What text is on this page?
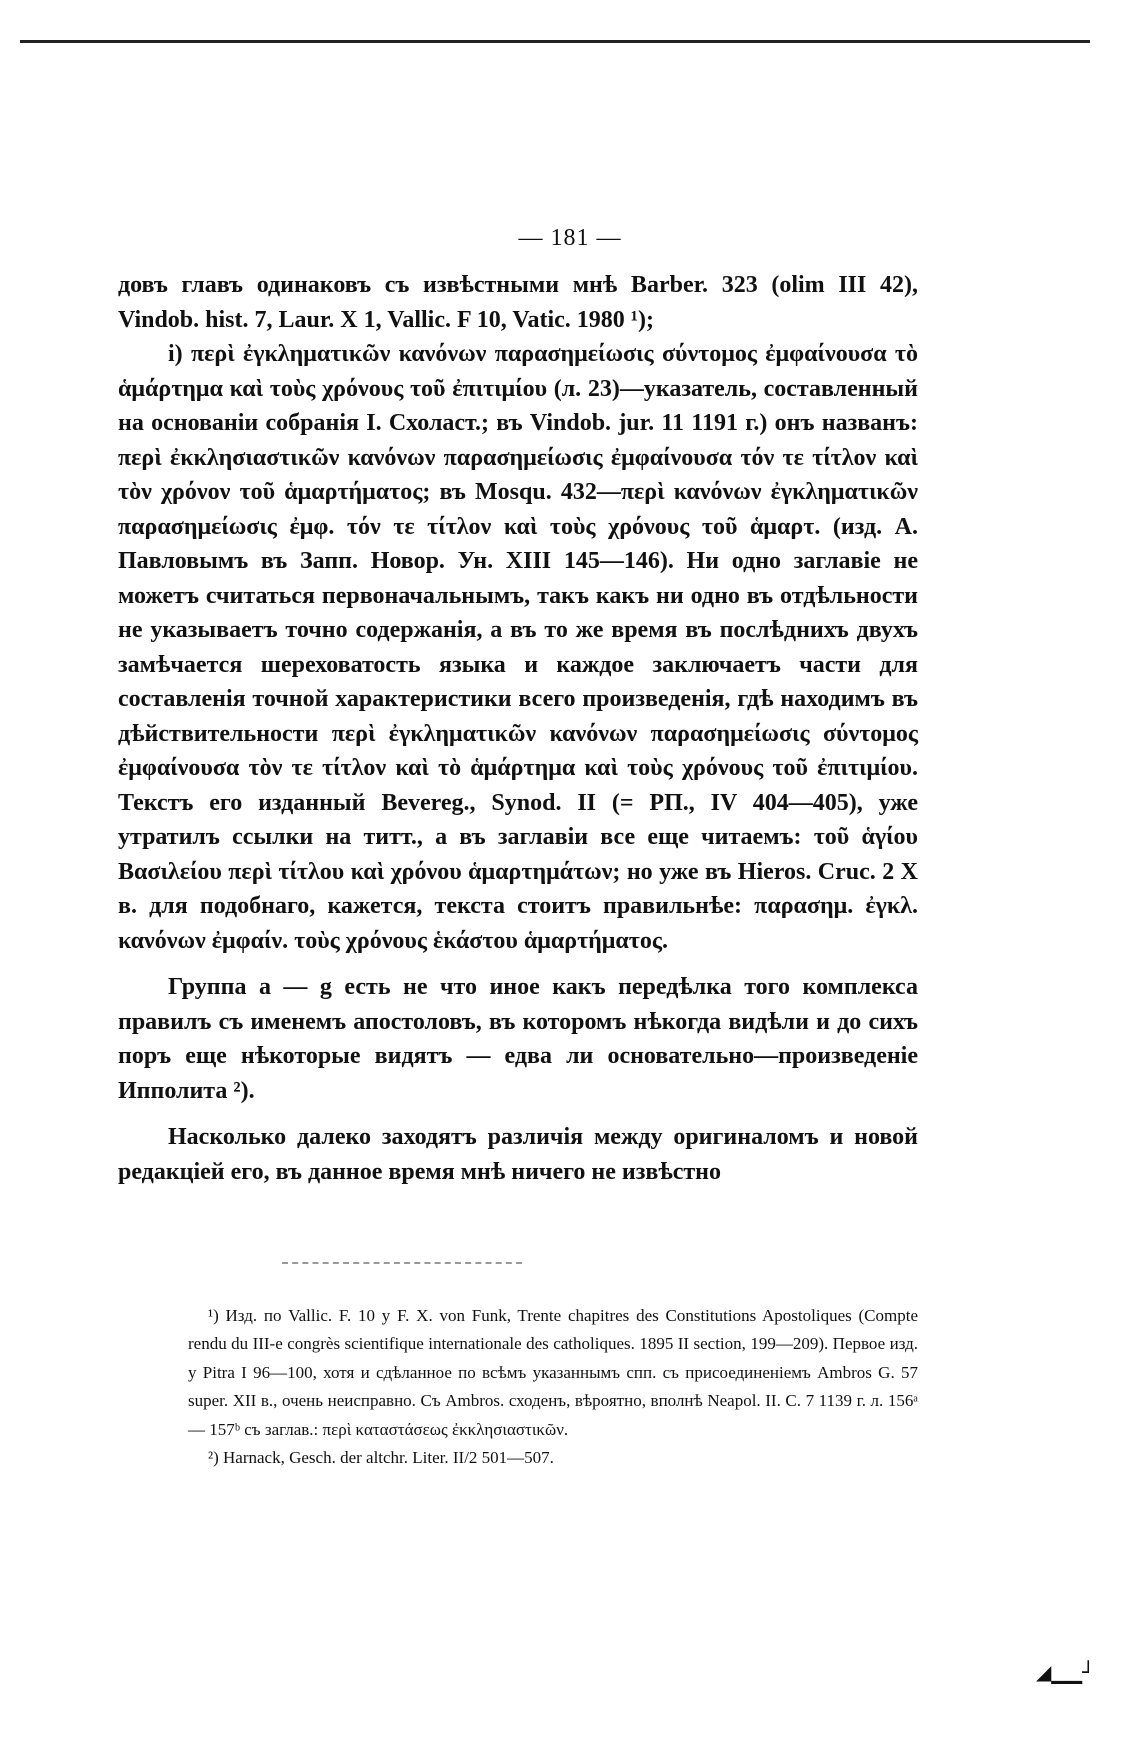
— 181 —

довъ главъ одинаковъ съ извѣстными мнѣ Barber. 323 (olim III 42), Vindob. hist. 7, Laur. X 1, Vallic. F 10, Vatic. 1980 ¹);

i) περὶ ἐγκληματικῶν κανόνων παρασημείωσις σύντομος ἐμφαίνουσα τὸ ἁμάρτημα καὶ τοὺς χρόνους τοῦ ἐπιτιμίου (л. 23)—указатель, составленный на основаніи собранія I. Схоласт.; въ Vindob. jur. 11 1191 г.) онъ названъ: περὶ ἐκκλησιαστικῶν κανόνων παρασημείωσις ἐμφαίνουσα τόν τε τίτλον καὶ τὸν χρόνον τοῦ ἁμαρτήματος; въ Mosqu. 432—περὶ κανόνων ἐγκληματικῶν παρασημείωσις ἐμφ. τόν τε τίτλον καὶ τοὺς χρόνους τοῦ ἁμαρτ. (изд. А. Павловымъ въ Запп. Новор. Ун. XIII 145—146). Ни одно заглавіе не можетъ считаться первоначальнымъ, такъ какъ ни одно въ отдѣльности не указываетъ точно содержанія, а въ то же время въ послѣднихъ двухъ замѣчается шереховатость языка и каждое заключаетъ части для составленія точной характеристики всего произведенія, гдѣ находимъ въ дѣйствительности περὶ ἐγκληματικῶν κανόνων παρασημείωσις σύντομος ἐμφαίνουσα τὸν τε τίτλον καὶ τὸ ἁμάρτημα καὶ τοὺς χρόνους τοῦ ἐπιτιμίου. Текстъ его изданный Bevereg., Synod. II (= РП., IV 404—405), уже утратилъ ссылки на титт., а въ заглавіи все еще читаемъ: τοῦ ἁγίου Βασιλείου περὶ τίτλου καὶ χρόνου ἁμαρτημάτων; но уже въ Hieros. Cruc. 2 X в. для подобнаго, кажется, текста стоитъ правильнѣе: παρασημ. ἐγκλ. κανόνων ἐμφαίν. τοὺς χρόνους ἑκάστου ἁμαρτήματος.

Группа a — g есть не что иное какъ передѣлка того комплекса правилъ съ именемъ апостоловъ, въ которомъ нѣкогда видѣли и до сихъ поръ еще нѣкоторые видятъ — едва ли основательно—произведеніе Ипполита ²).

Насколько далеко заходятъ различія между оригиналомъ и новой редакціей его, въ данное время мнѣ ничего не извѣстно

¹) Изд. по Vallic. F. 10 y F. X. von Funk, Trente chapitres des Constitutions Apostoliques (Compte rendu du III-e congrès scientifique internationale des catholiques. 1895 II section, 199—209). Первое изд. у Pitra I 96—100, хотя и сдѣланное по всѣмъ указаннымъ спп. съ присоединеніемъ Ambros G. 57 super. XII в., очень неисправно. Съ Ambros. сходенъ, вѣроятно, вполнѣ Neapol. II. C. 7 1139 г. л. 156ᵃ — 157ᵇ съ заглав.: περὶ καταστάσεως ἐκκλησιαστικῶν.

²) Harnack, Gesch. der altchr. Liter. II/2 501—507.

◢▁▁┘
